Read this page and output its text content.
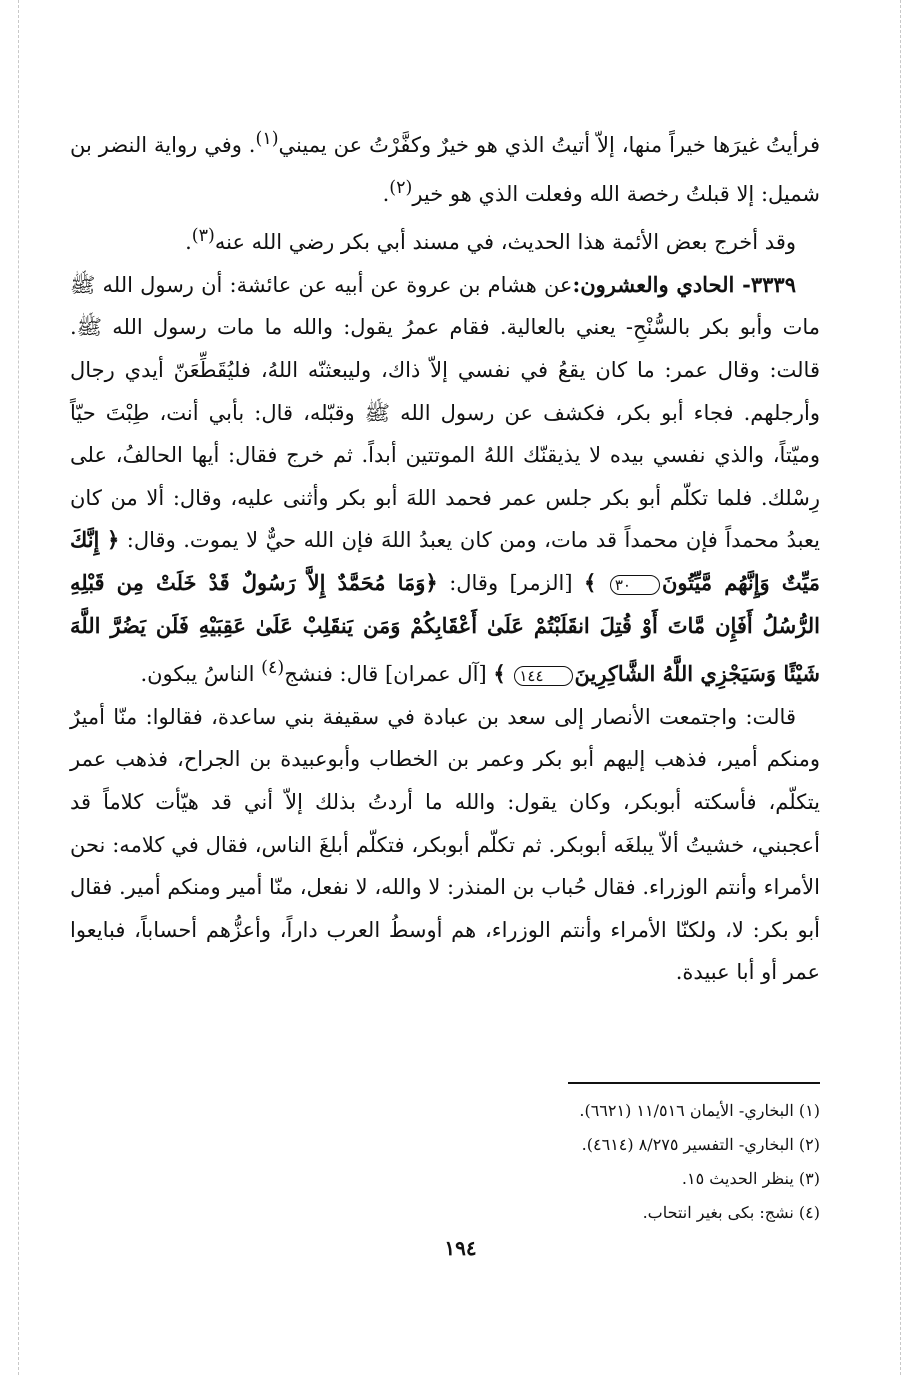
فرأيتُ غيرَها خيراً منها، إلاّ أتيتُ الذي هو خيرٌ وكفَّرْتُ عن يميني$^{(١)}$. وفي رواية النضر بن شميل: إلا قبلتُ رخصة الله وفعلت الذي هو خير$^{(٢)}$.

وقد أخرج بعض الأئمة هذا الحديث، في مسند أبي بكر رضي الله عنه$^{(٣)}$.

٣٣٣٩- الحادي والعشرون:عن هشام بن عروة عن أبيه عن عائشة: أن رسول الله ﷺ مات وأبو بكر بالسُّنْحِ- يعني بالعالية. فقام عمرُ يقول: والله ما مات رسول الله ﷺ. قالت: وقال عمر: ما كان يقعُ في نفسي إلاّ ذاك، وليبعثنّه اللهُ، فليُقَطِّعَنّ أيدي رجال وأرجلهم. فجاء أبو بكر، فكشف عن رسول الله ﷺ وقبّله، قال: بأبي أنت، طِبْتَ حيّاً وميّتاً، والذي نفسي بيده لا يذيقنّك اللهُ الموتتين أبداً. ثم خرج فقال: أيها الحالفُ، على رِسْلك. فلما تكلّم أبو بكر جلس عمر فحمد اللهَ أبو بكر وأثنى عليه، وقال: ألا من كان يعبدُ محمداً فإن محمداً قد مات، ومن كان يعبدُ اللهَ فإن الله حيٌّ لا يموت. وقال: ﴿ إِنَّكَ مَيِّتٌ وَإِنَّهُم مَّيِّتُونَ٣٠ ﴾ [الزمر] وقال: ﴿وَمَا مُحَمَّدٌ إِلاَّ رَسُولٌ قَدْ خَلَتْ مِن قَبْلِهِ الرُّسُلُ أَفَإِن مَّاتَ أَوْ قُتِلَ انقَلَبْتُمْ عَلَىٰ أَعْقَابِكُمْ وَمَن يَنقَلِبْ عَلَىٰ عَقِبَيْهِ فَلَن يَضُرَّ اللَّهَ شَيْئًا وَسَيَجْزِي اللَّهُ الشَّاكِرِينَ١٤٤ ﴾ [آل عمران] قال: فنشج$^{(٤)}$ الناسُ يبكون.

قالت: واجتمعت الأنصار إلى سعد بن عبادة في سقيفة بني ساعدة، فقالوا: منّا أميرٌ ومنكم أمير، فذهب إليهم أبو بكر وعمر بن الخطاب وأبوعبيدة بن الجراح، فذهب عمر يتكلّم، فأسكته أبوبكر، وكان يقول: والله ما أردتُ بذلك إلاّ أني قد هيّأت كلاماً قد أعجبني، خشيتُ ألاّ يبلغَه أبوبكر. ثم تكلّم أبوبكر، فتكلّم أبلغَ الناس، فقال في كلامه: نحن الأمراء وأنتم الوزراء. فقال حُباب بن المنذر: لا والله، لا نفعل، منّا أمير ومنكم أمير. فقال أبو بكر: لا، ولكنّا الأمراء وأنتم الوزراء، هم أوسطُ العرب داراً، وأعزُّهم أحساباً، فبايعوا عمر أو أبا عبيدة.

(١) البخاري- الأيمان ١١/٥١٦ (٦٦٢١).
(٢) البخاري- التفسير ٨/٢٧٥ (٤٦١٤).
(٣) ينظر الحديث ١٥.
(٤) نشج: بكى بغير انتحاب.
١٩٤
